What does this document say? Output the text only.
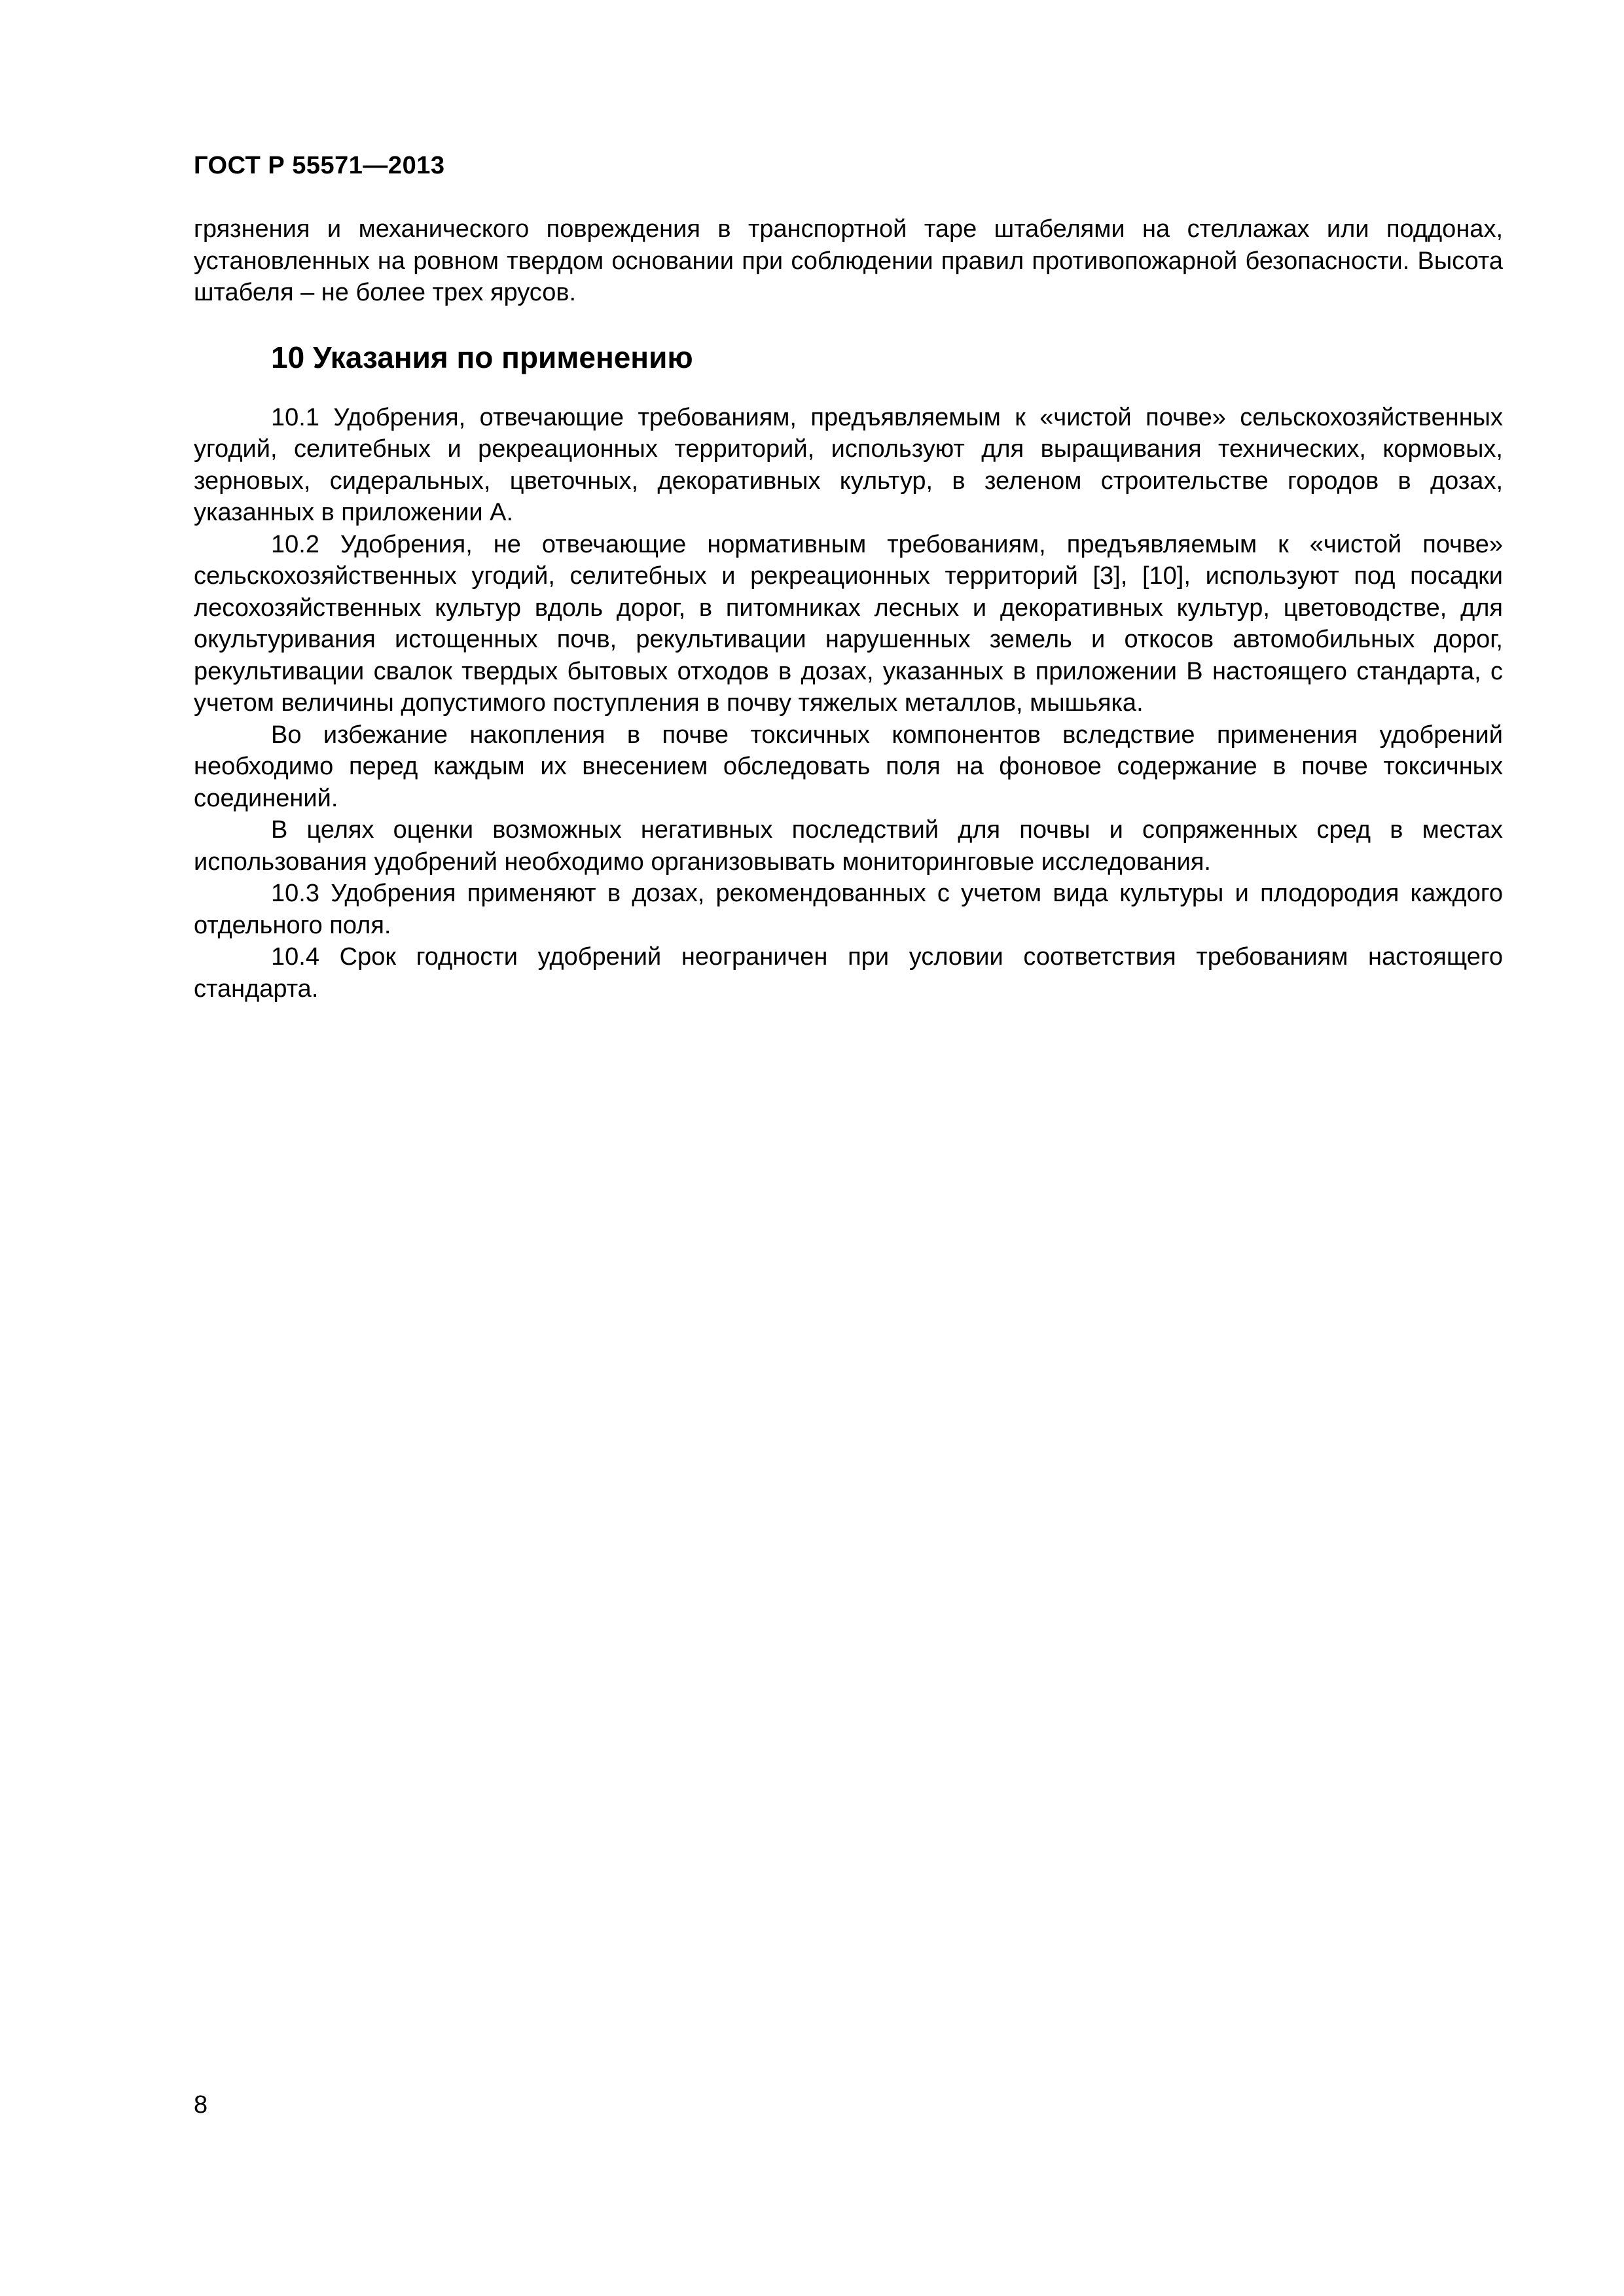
ГОСТ Р 55571—2013

грязнения и механического повреждения в транспортной таре штабелями на стеллажах или поддонах, установленных на ровном твердом основании при соблюдении правил противопожарной безопасности. Высота штабеля – не более трех ярусов.

10 Указания по применению

10.1 Удобрения, отвечающие требованиям, предъявляемым к «чистой почве» сельскохозяйственных угодий, селитебных и рекреационных территорий, используют для выращивания технических, кормовых, зерновых, сидеральных, цветочных, декоративных культур, в зеленом строительстве городов в дозах, указанных в приложении А.

10.2 Удобрения, не отвечающие нормативным требованиям, предъявляемым к «чистой почве» сельскохозяйственных угодий, селитебных и рекреационных территорий [3], [10], используют под посадки лесохозяйственных культур вдоль дорог, в питомниках лесных и декоративных культур, цветоводстве, для окультуривания истощенных почв, рекультивации нарушенных земель и откосов автомобильных дорог, рекультивации свалок твердых бытовых отходов в дозах, указанных в приложении В настоящего стандарта, с учетом величины допустимого поступления в почву тяжелых металлов, мышьяка.

Во избежание накопления в почве токсичных компонентов вследствие применения удобрений необходимо перед каждым их внесением обследовать поля на фоновое содержание в почве токсичных соединений.

В целях оценки возможных негативных последствий для почвы и сопряженных сред в местах использования удобрений необходимо организовывать мониторинговые исследования.

10.3 Удобрения применяют в дозах, рекомендованных с учетом вида культуры и плодородия каждого отдельного поля.

10.4 Срок годности удобрений неограничен при условии соответствия требованиям настоящего стандарта.

8
